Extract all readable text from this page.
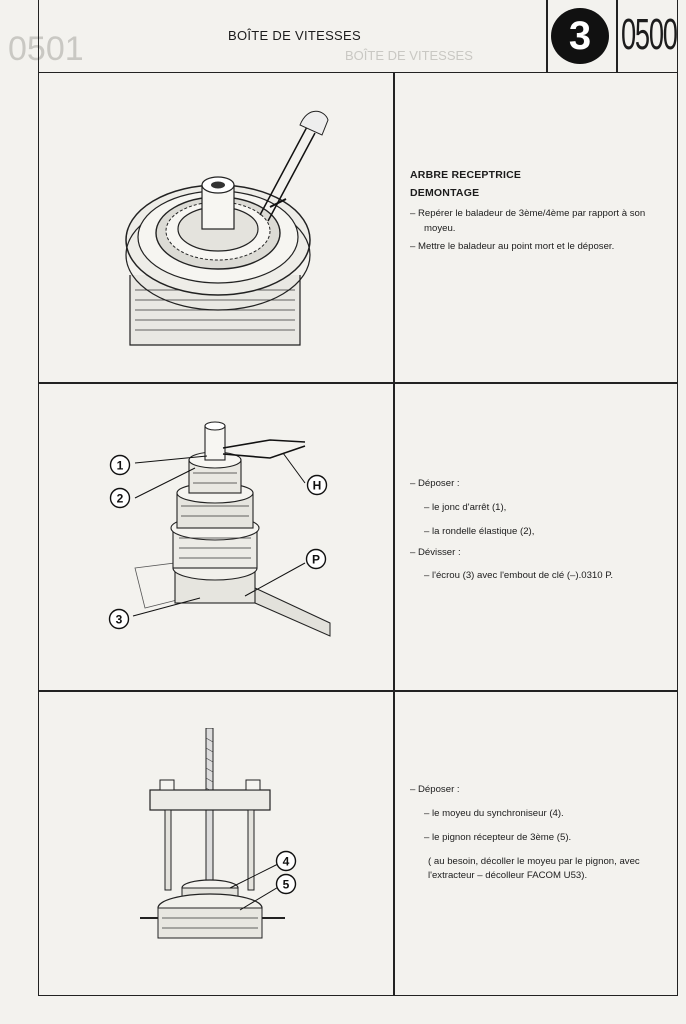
BOÎTE DE VITESSES
0501	BOÎTE DE VITESSES	3 0500
ARBRE RECEPTRICE
DEMONTAGE

– Repérer le baladeur de 3ème/4ème par rapport à son moyeu.

– Mettre le baladeur au point mort et le déposer.

1
2
H
P
3
– Déposer :
– le jonc d'arrêt (1),
– la rondelle élastique (2),
– Dévisser :
– l'écrou (3) avec l'embout de clé (–).0310 P.
4
5
– Déposer :
– le moyeu du synchroniseur (4).
– le pignon récepteur de 3ème (5).
( au besoin, décoller le moyeu par le pignon, avec l'extracteur – décolleur FACOM U53).
